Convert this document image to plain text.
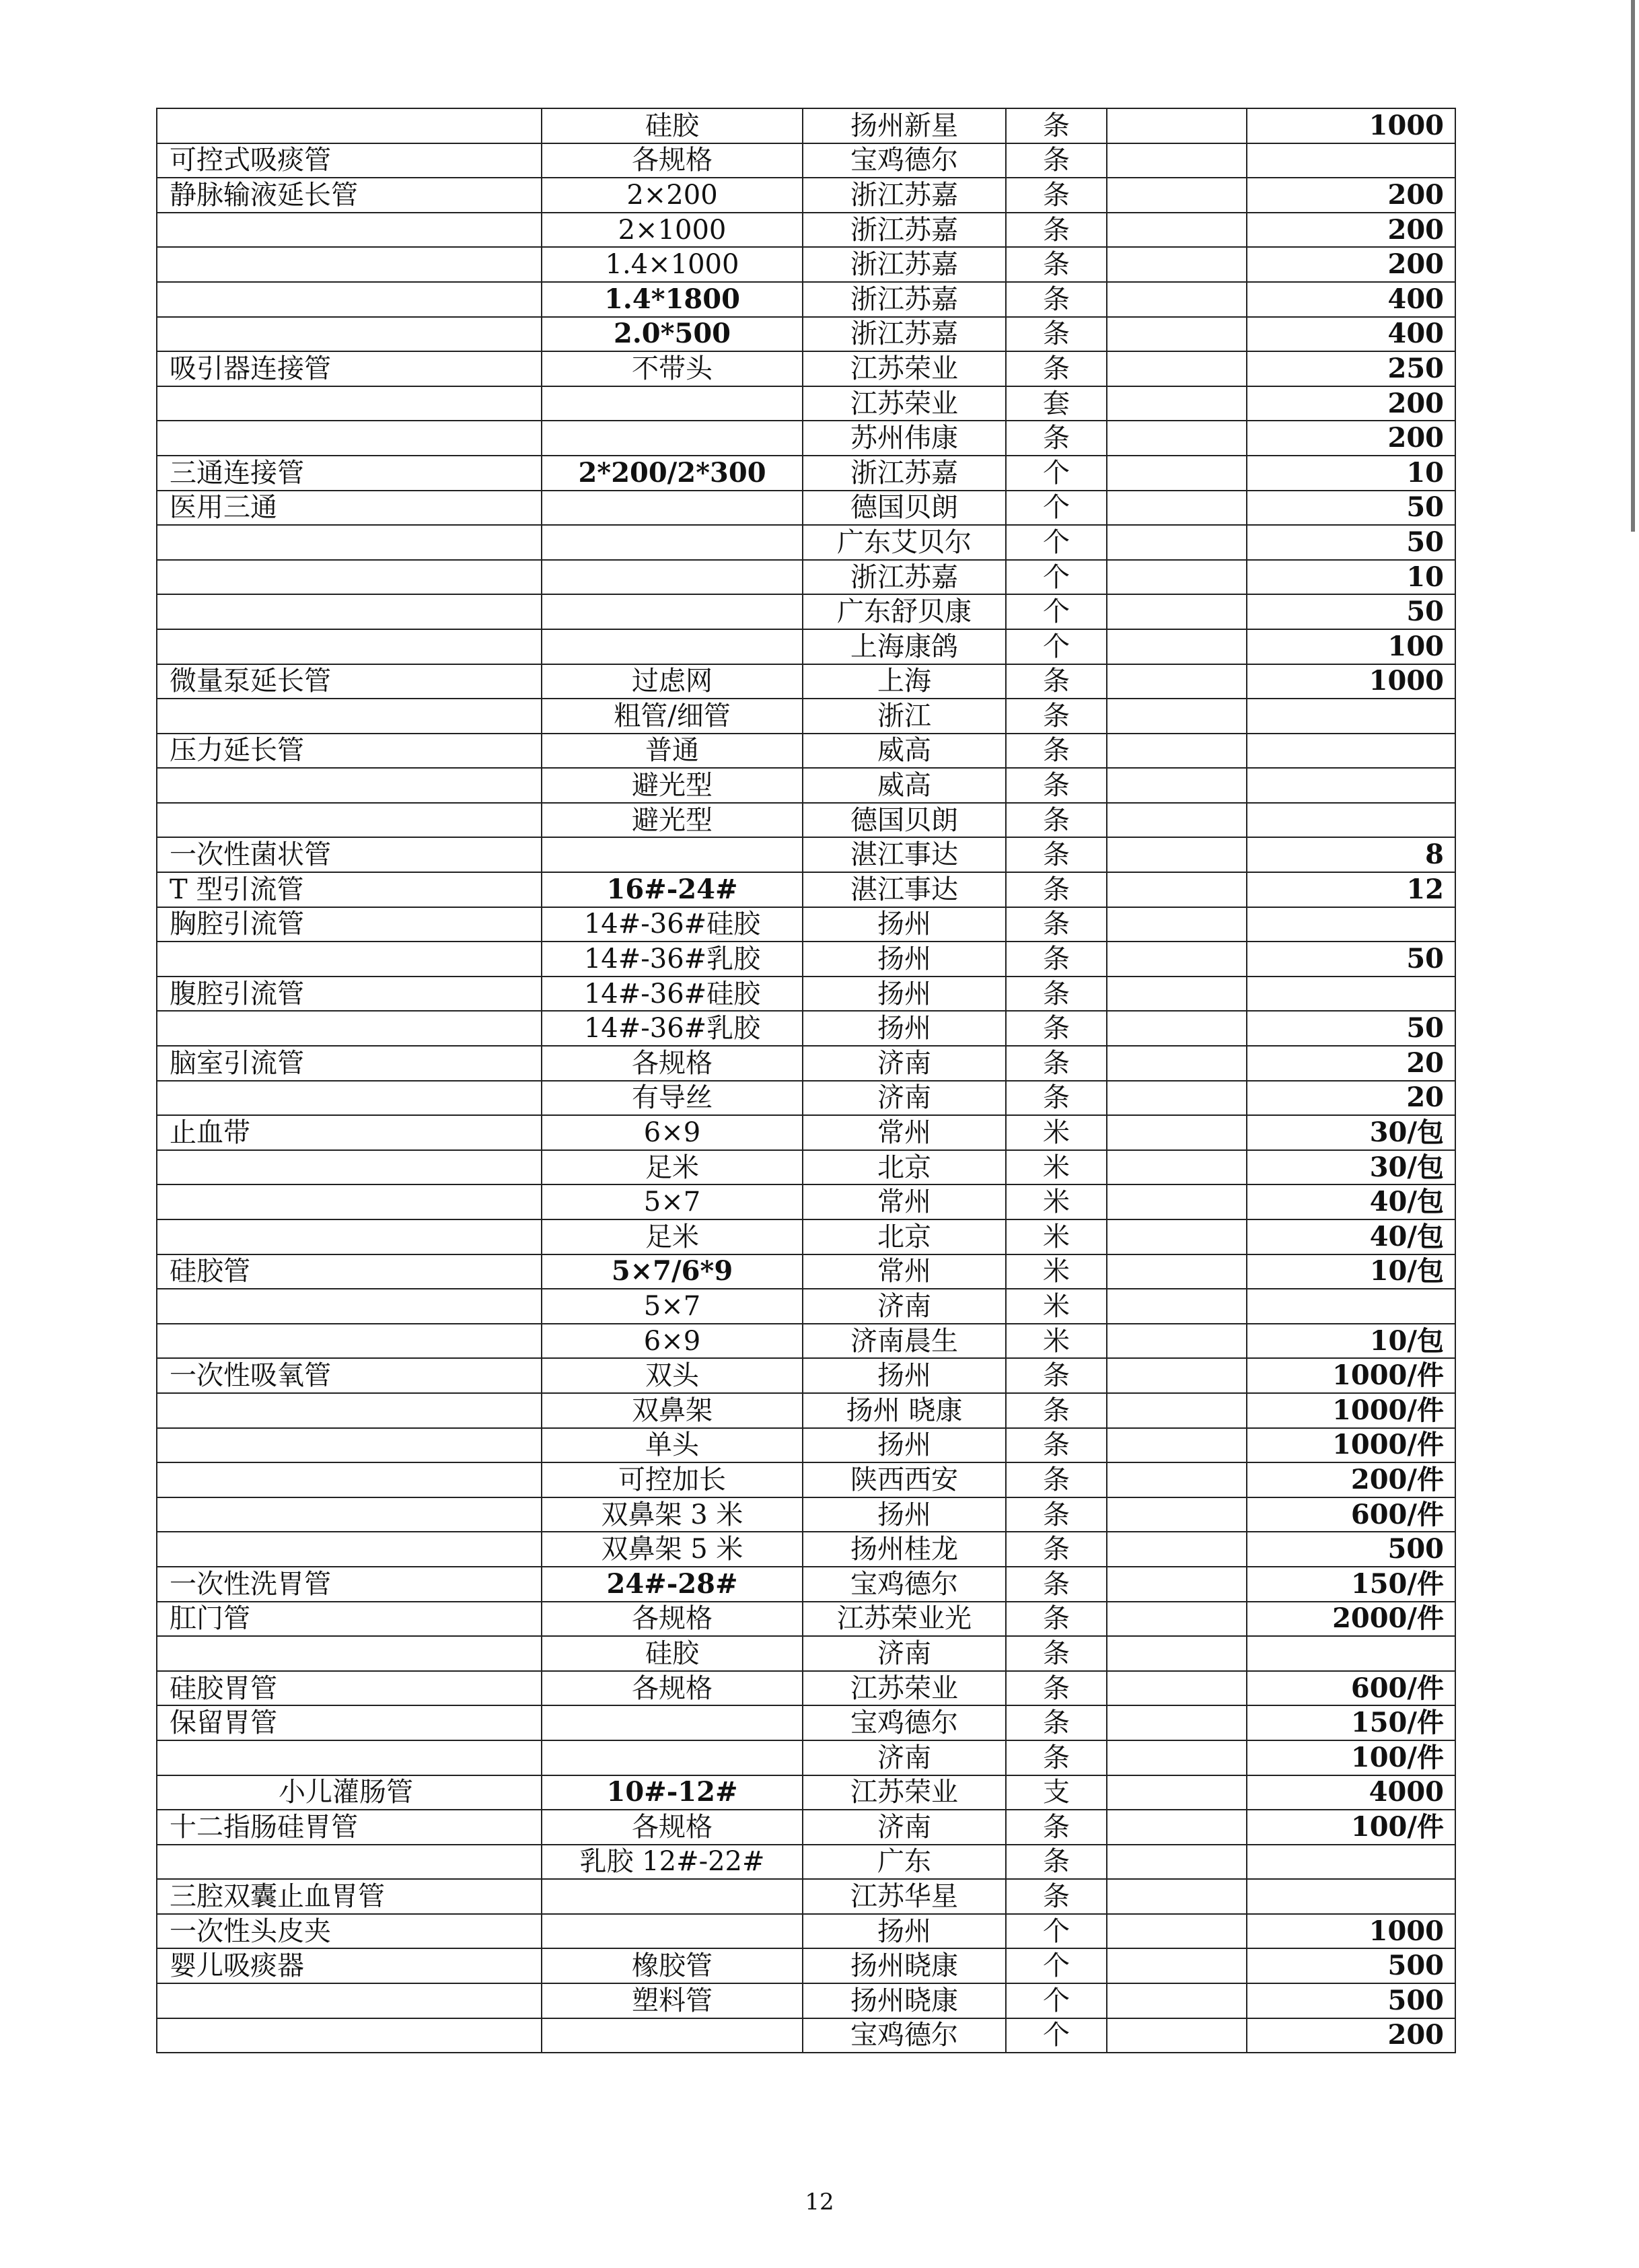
	硅胶	扬州新星	条		1000
可控式吸痰管	各规格	宝鸡德尔	条		
静脉输液延长管	2×200	浙江苏嘉	条		200
	2×1000	浙江苏嘉	条		200
	1.4×1000	浙江苏嘉	条		200
	1.4*1800	浙江苏嘉	条		400
	2.0*500	浙江苏嘉	条		400
吸引器连接管	不带头	江苏荣业	条		250
		江苏荣业	套		200
		苏州伟康	条		200
三通连接管	2*200/2*300	浙江苏嘉	个		10
医用三通		德国贝朗	个		50
		广东艾贝尔	个		50
		浙江苏嘉	个		10
		广东舒贝康	个		50
		上海康鸽	个		100
微量泵延长管	过虑网	上海	条		1000
	粗管/细管	浙江	条		
压力延长管	普通	威高	条		
	避光型	威高	条		
	避光型	德国贝朗	条		
一次性菌状管		湛江事达	条		8
T 型引流管	16#-24#	湛江事达	条		12
胸腔引流管	14#-36#硅胶	扬州	条		
	14#-36#乳胶	扬州	条		50
腹腔引流管	14#-36#硅胶	扬州	条		
	14#-36#乳胶	扬州	条		50
脑室引流管	各规格	济南	条		20
	有导丝	济南	条		20
止血带	6×9	常州	米		30/包
	足米	北京	米		30/包
	5×7	常州	米		40/包
	足米	北京	米		40/包
硅胶管	5×7/6*9	常州	米		10/包
	5×7	济南	米		
	6×9	济南晨生	米		10/包
一次性吸氧管	双头	扬州	条		1000/件
	双鼻架	扬州 晓康	条		1000/件
	单头	扬州	条		1000/件
	可控加长	陕西西安	条		200/件
	双鼻架 3 米	扬州	条		600/件
	双鼻架 5 米	扬州桂龙	条		500
一次性洗胃管	24#-28#	宝鸡德尔	条		150/件
肛门管	各规格	江苏荣业光	条		2000/件
	硅胶	济南	条		
硅胶胃管	各规格	江苏荣业	条		600/件
保留胃管		宝鸡德尔	条		150/件
		济南	条		100/件
小儿灌肠管	10#-12#	江苏荣业	支		4000
十二指肠硅胃管	各规格	济南	条		100/件
	乳胶 12#-22#	广东	条		
三腔双囊止血胃管		江苏华星	条		
一次性头皮夹		扬州	个		1000
婴儿吸痰器	橡胶管	扬州晓康	个		500
	塑料管	扬州晓康	个		500
		宝鸡德尔	个		200
12
